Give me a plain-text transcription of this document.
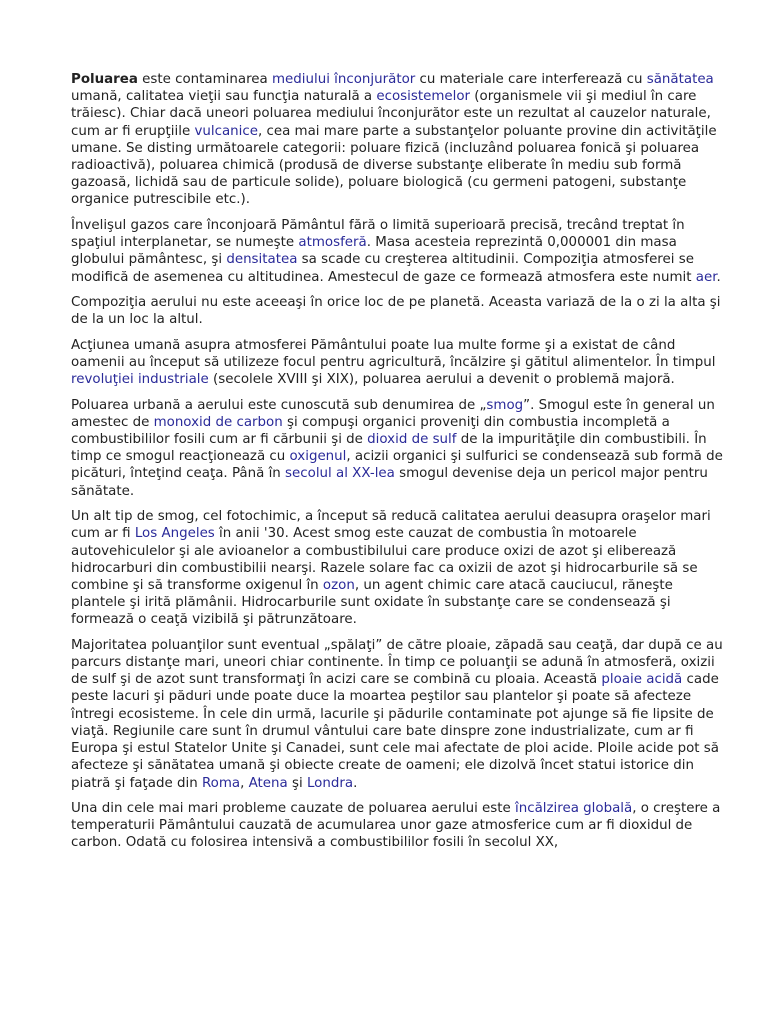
Poluarea este contaminarea mediului înconjurător cu materiale care interferează cu sănătatea umană, calitatea vieţii sau funcţia naturală a ecosistemelor (organismele vii şi mediul în care trăiesc). Chiar dacă uneori poluarea mediului înconjurător este un rezultat al cauzelor naturale, cum ar fi erupţiile vulcanice, cea mai mare parte a substanţelor poluante provine din activităţile umane. Se disting următoarele categorii: poluare fizică (incluzând poluarea fonică şi poluarea radioactivă), poluarea chimică (produsă de diverse substanţe eliberate în mediu sub formă gazoasă, lichidă sau de particule solide), poluare biologică (cu germeni patogeni, substanţe organice putrescibile etc.).

Învelişul gazos care înconjoară Pământul fără o limită superioară precisă, trecând treptat în spaţiul interplanetar, se numeşte atmosferă. Masa acesteia reprezintă 0,000001 din masa globului pământesc, şi densitatea sa scade cu creşterea altitudinii. Compoziţia atmosferei se modifică de asemenea cu altitudinea. Amestecul de gaze ce formează atmosfera este numit aer.

Compoziţia aerului nu este aceeaşi în orice loc de pe planetă. Aceasta variază de la o zi la alta şi de la un loc la altul.

Acţiunea umană asupra atmosferei Pământului poate lua multe forme şi a existat de când oamenii au început să utilizeze focul pentru agricultură, încălzire şi gătitul alimentelor. În timpul revoluţiei industriale (secolele XVIII şi XIX), poluarea aerului a devenit o problemă majoră.

Poluarea urbană a aerului este cunoscută sub denumirea de „smog”. Smogul este în general un amestec de monoxid de carbon şi compuşi organici proveniţi din combustia incompletă a combustibililor fosili cum ar fi cărbunii şi de dioxid de sulf de la impurităţile din combustibili. În timp ce smogul reacţionează cu oxigenul, acizii organici şi sulfurici se condensează sub formă de picături, înteţind ceaţa. Până în secolul al XX-lea smogul devenise deja un pericol major pentru sănătate.

Un alt tip de smog, cel fotochimic, a început să reducă calitatea aerului deasupra oraşelor mari cum ar fi Los Angeles în anii '30. Acest smog este cauzat de combustia în motoarele autovehiculelor şi ale avioanelor a combustibilului care produce oxizi de azot şi eliberează hidrocarburi din combustibilii nearşi. Razele solare fac ca oxizii de azot şi hidrocarburile să se combine şi să transforme oxigenul în ozon, un agent chimic care atacă cauciucul, răneşte plantele şi irită plămânii. Hidrocarburile sunt oxidate în substanţe care se condensează şi formează o ceaţă vizibilă şi pătrunzătoare.

Majoritatea poluanţilor sunt eventual „spălaţi” de către ploaie, zăpadă sau ceaţă, dar după ce au parcurs distanţe mari, uneori chiar continente. În timp ce poluanţii se adună în atmosferă, oxizii de sulf şi de azot sunt transformaţi în acizi care se combină cu ploaia. Această ploaie acidă cade peste lacuri şi păduri unde poate duce la moartea peştilor sau plantelor şi poate să afecteze întregi ecosisteme. În cele din urmă, lacurile şi pădurile contaminate pot ajunge să fie lipsite de viaţă. Regiunile care sunt în drumul vântului care bate dinspre zone industrializate, cum ar fi Europa şi estul Statelor Unite şi Canadei, sunt cele mai afectate de ploi acide. Ploile acide pot să afecteze şi sănătatea umană şi obiecte create de oameni; ele dizolvă încet statui istorice din piatră şi faţade din Roma, Atena şi Londra.

Una din cele mai mari probleme cauzate de poluarea aerului este încălzirea globală, o creştere a temperaturii Pământului cauzată de acumularea unor gaze atmosferice cum ar fi dioxidul de carbon. Odată cu folosirea intensivă a combustibililor fosili în secolul XX,
